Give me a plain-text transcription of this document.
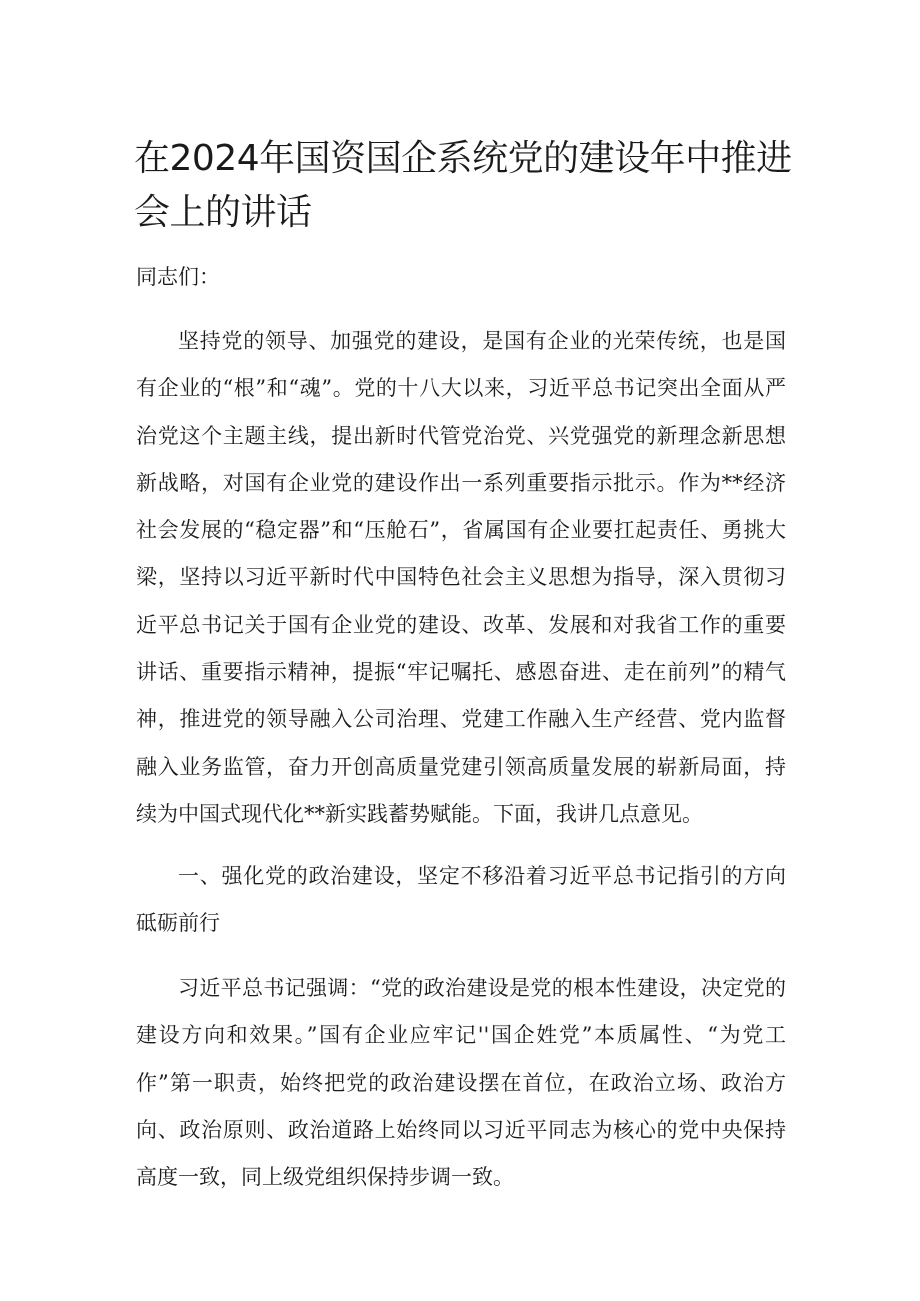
在2024年国资国企系统党的建设年中推进会上的讲话
同志们：

坚持党的领导、加强党的建设，是国有企业的光荣传统，也是国有企业的“根”和“魂”。党的十八大以来，习近平总书记突出全面从严治党这个主题主线，提出新时代管党治党、兴党强党的新理念新思想新战略，对国有企业党的建设作出一系列重要指示批示。作为**经济社会发展的“稳定器”和“压舱石”，省属国有企业要扛起责任、勇挑大梁，坚持以习近平新时代中国特色社会主义思想为指导，深入贯彻习近平总书记关于国有企业党的建设、改革、发展和对我省工作的重要讲话、重要指示精神，提振“牢记嘱托、感恩奋进、走在前列”的精气神，推进党的领导融入公司治理、党建工作融入生产经营、党内监督融入业务监管，奋力开创高质量党建引领高质量发展的崭新局面，持续为中国式现代化**新实践蓄势赋能。下面，我讲几点意见。

一、强化党的政治建设，坚定不移沿着习近平总书记指引的方向砥砺前行

习近平总书记强调：“党的政治建设是党的根本性建设，决定党的建设方向和效果。”国有企业应牢记''国企姓党”本质属性、“为党工作”第一职责，始终把党的政治建设摆在首位，在政治立场、政治方向、政治原则、政治道路上始终同以习近平同志为核心的党中央保持高度一致，同上级党组织保持步调一致。
